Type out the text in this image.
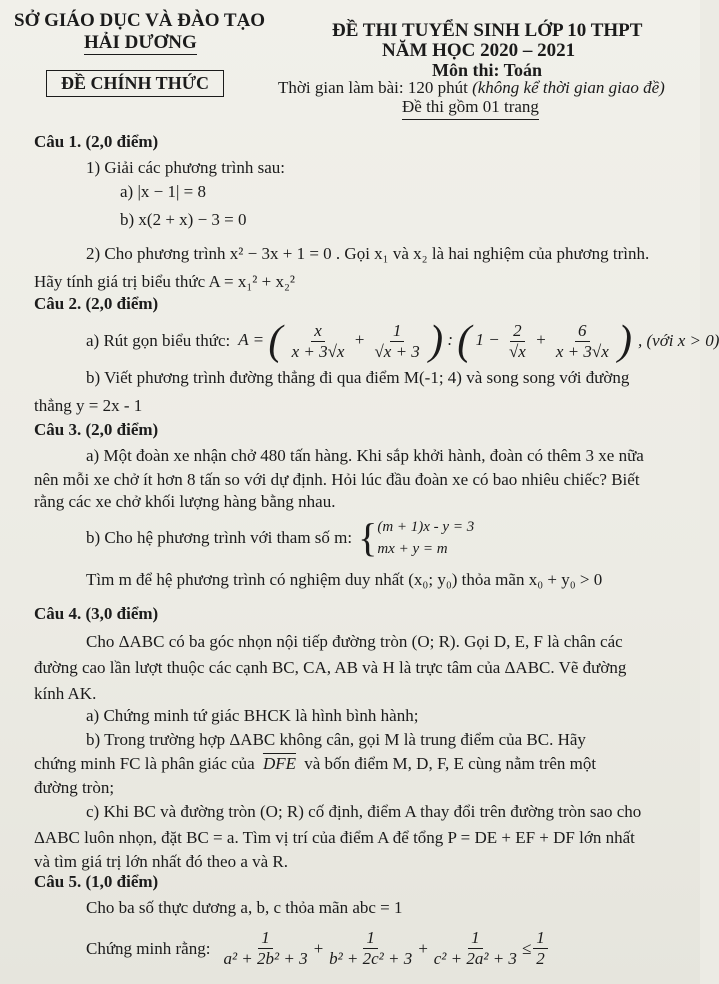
SỞ GIÁO DỤC VÀ ĐÀO TẠO
HẢI DƯƠNG
ĐỀ THI TUYỂN SINH LỚP 10 THPT
NĂM HỌC 2020 – 2021
Môn thi: Toán
ĐỀ CHÍNH THỨC	Thời gian làm bài: 120 phút (không kể thời gian giao đề)
Đề thi gồm 01 trang
Câu 1. (2,0 điểm)
1) Giải các phương trình sau:
a) |x − 1| = 8
b) x(2 + x) − 3 = 0
2) Cho phương trình x² − 3x + 1 = 0 . Gọi x₁ và x₂ là hai nghiệm của phương trình.
Hãy tính giá trị biểu thức A = x₁² + x₂²
Câu 2. (2,0 điểm)
a) Rút gọn biểu thức: A = ( $\frac{x}{x + 3√x} + \frac{1}{√x + 3}$ ) : ( $1 - \frac{2}{√x} + \frac{6}{x + 3√x}$ ) , (với x > 0)
b) Viết phương trình đường thẳng đi qua điểm M(-1; 4) và song song với đường
thẳng y = 2x - 1
Câu 3. (2,0 điểm)
a) Một đoàn xe nhận chở 480 tấn hàng. Khi sắp khởi hành, đoàn có thêm 3 xe nữa
nên mỗi xe chở ít hơn 8 tấn so với dự định. Hỏi lúc đầu đoàn xe có bao nhiêu chiếc? Biết
rằng các xe chở khối lượng hàng bằng nhau.
b) Cho hệ phương trình với tham số m: { (m + 1)x - y = 3
mx + y = m
Tìm m để hệ phương trình có nghiệm duy nhất (x₀; y₀) thỏa mãn x₀ + y₀ > 0
Câu 4. (3,0 điểm)
Cho ΔABC có ba góc nhọn nội tiếp đường tròn (O; R). Gọi D, E, F là chân các
đường cao lần lượt thuộc các cạnh BC, CA, AB và H là trực tâm của ΔABC. Vẽ đường
kính AK.
a) Chứng minh tứ giác BHCK là hình bình hành;
b) Trong trường hợp ΔABC không cân, gọi M là trung điểm của BC. Hãy
chứng minh FC là phân giác của $\overline{DFE}$ và bốn điểm M, D, F, E cùng nằm trên một
đường tròn;
c) Khi BC và đường tròn (O; R) cố định, điểm A thay đổi trên đường tròn sao cho
ΔABC luôn nhọn, đặt BC = a. Tìm vị trí của điểm A để tổng P = DE + EF + DF lớn nhất
và tìm giá trị lớn nhất đó theo a và R.
Câu 5. (1,0 điểm)
Cho ba số thực dương a, b, c thỏa mãn abc = 1
Chứng minh rằng: $\frac{1}{\text{a² + 2b² + 3}} + \frac{1}{\text{b² + 2c² + 3}} + \frac{1}{\text{c² + 2a² + 3}} \le \frac{1}{2}$
